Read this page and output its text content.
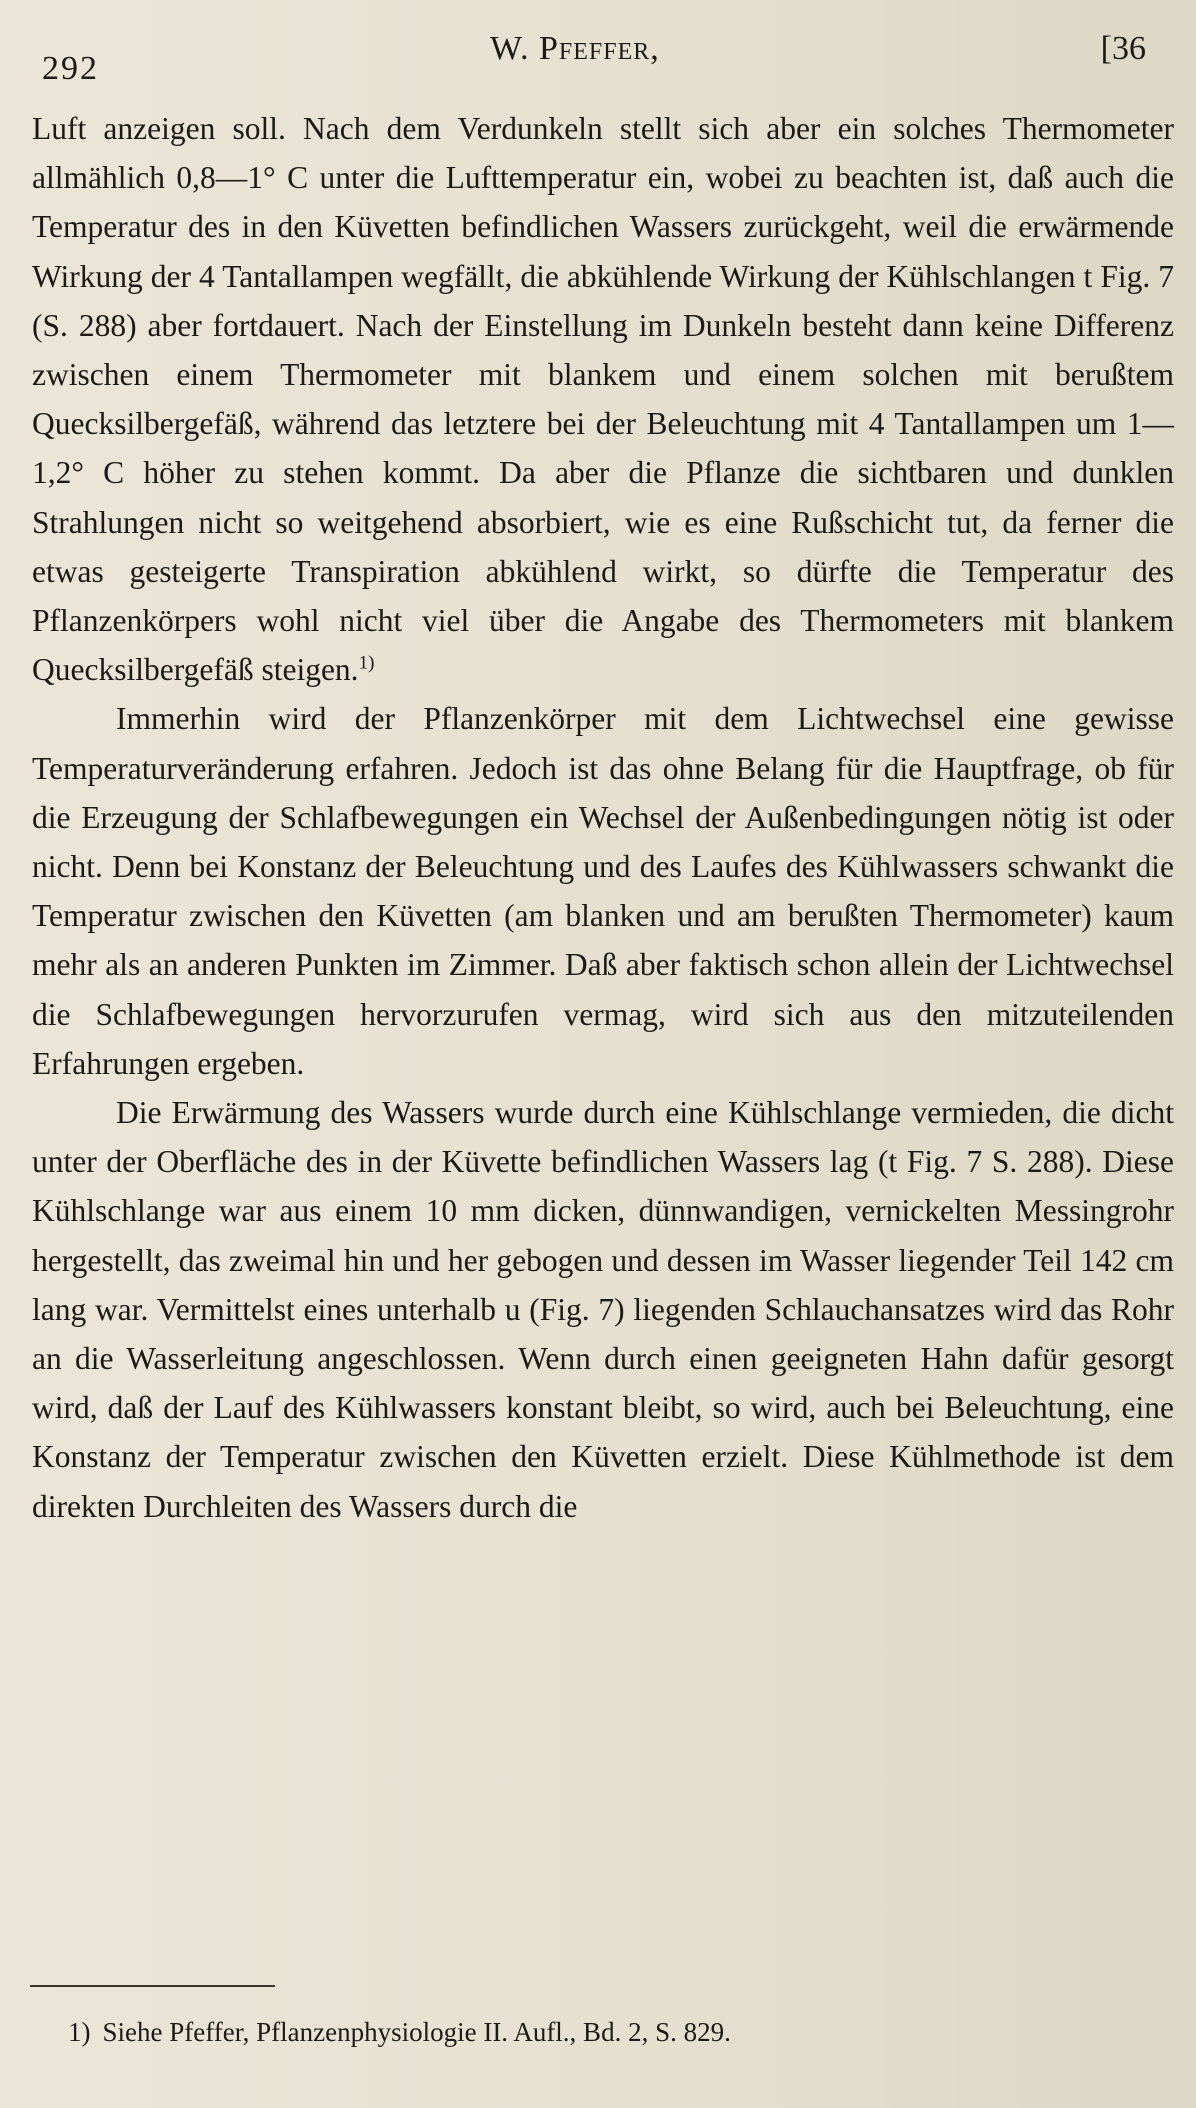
292
W. Pfeffer,	[36

Luft anzeigen soll. Nach dem Verdunkeln stellt sich aber ein solches Thermometer allmählich 0,8—1° C unter die Lufttemperatur ein, wobei zu beachten ist, daß auch die Temperatur des in den Küvetten befindlichen Wassers zurückgeht, weil die erwärmende Wirkung der 4 Tantallampen wegfällt, die abkühlende Wirkung der Kühlschlangen t Fig. 7 (S. 288) aber fortdauert. Nach der Einstellung im Dunkeln besteht dann keine Differenz zwischen einem Thermometer mit blankem und einem solchen mit berußtem Quecksilbergefäß, während das letztere bei der Beleuchtung mit 4 Tantallampen um 1—1,2° C höher zu stehen kommt. Da aber die Pflanze die sichtbaren und dunklen Strahlungen nicht so weitgehend absorbiert, wie es eine Rußschicht tut, da ferner die etwas gesteigerte Transpiration abkühlend wirkt, so dürfte die Temperatur des Pflanzenkörpers wohl nicht viel über die Angabe des Thermometers mit blankem Quecksilbergefäß steigen.$^{1)}$

Immerhin wird der Pflanzenkörper mit dem Lichtwechsel eine gewisse Temperaturveränderung erfahren. Jedoch ist das ohne Belang für die Hauptfrage, ob für die Erzeugung der Schlafbewegungen ein Wechsel der Außenbedingungen nötig ist oder nicht. Denn bei Konstanz der Beleuchtung und des Laufes des Kühlwassers schwankt die Temperatur zwischen den Küvetten (am blanken und am berußten Thermometer) kaum mehr als an anderen Punkten im Zimmer. Daß aber faktisch schon allein der Lichtwechsel die Schlafbewegungen hervorzurufen vermag, wird sich aus den mitzuteilenden Erfahrungen ergeben.

Die Erwärmung des Wassers wurde durch eine Kühlschlange vermieden, die dicht unter der Oberfläche des in der Küvette befindlichen Wassers lag (t Fig. 7 S. 288). Diese Kühlschlange war aus einem 10 mm dicken, dünnwandigen, vernickelten Messingrohr hergestellt, das zweimal hin und her gebogen und dessen im Wasser liegender Teil 142 cm lang war. Vermittelst eines unterhalb u (Fig. 7) liegenden Schlauchansatzes wird das Rohr an die Wasserleitung angeschlossen. Wenn durch einen geeigneten Hahn dafür gesorgt wird, daß der Lauf des Kühlwassers konstant bleibt, so wird, auch bei Beleuchtung, eine Konstanz der Temperatur zwischen den Küvetten erzielt. Diese Kühlmethode ist dem direkten Durchleiten des Wassers durch die

1) Siehe Pfeffer, Pflanzenphysiologie II. Aufl., Bd. 2, S. 829.
